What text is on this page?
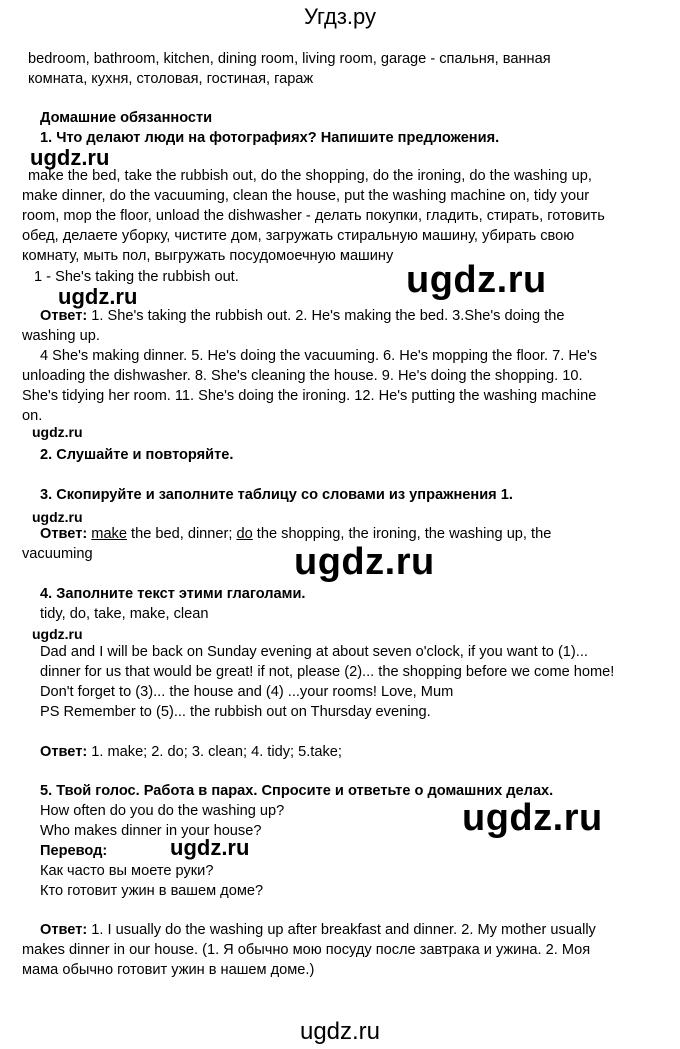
Угдз.ру
bedroom, bathroom, kitchen, dining room, living room, garage - спальня, ванная
комната, кухня, столовая, гостиная, гараж
Домашние обязанности
1. Что делают люди на фотографиях? Напишите предложения.
ugdz.ru
make the bed, take the rubbish out, do the shopping, do the ironing, do the washing up,
make dinner, do the vacuuming, clean the house, put the washing machine on, tidy your
room, mop the floor, unload the dishwasher - делать покупки, гладить, стирать, готовить
обед, делаете уборку, чистите дом, загружать стиральную машину, убирать свою
комнату, мыть пол, выгружать посудомоечную машину
ugdz.ru
1 - She's taking the rubbish out.
ugdz.ru
Ответ: 1. She's taking the rubbish out. 2. He's making the bed. 3.She's doing the
washing up.
4 She's making dinner. 5. He's doing the vacuuming. 6. He's mopping the floor. 7. He's
unloading the dishwasher. 8. She's cleaning the house. 9. He's doing the shopping. 10.
She's tidying her room. 11. She's doing the ironing. 12. He's putting the washing machine
on.
ugdz.ru
2. Слушайте и повторяйте.
3. Скопируйте и заполните таблицу со словами из упражнения 1.
ugdz.ru
Ответ: make the bed, dinner; do the shopping, the ironing, the washing up, the
vacuuming	ugdz.ru
4. Заполните текст этими глаголами.
tidy, do, take, make, clean
ugdz.ru
Dad and I will be back on Sunday evening at about seven o'clock, if you want to (1)...
dinner for us that would be great! if not, please (2)... the shopping before we come home!
Don't forget to (3)... the house and (4) ...your rooms! Love, Mum
PS Remember to (5)... the rubbish out on Thursday evening.
Ответ: 1. make; 2. do; 3. clean; 4. tidy; 5.take;
5. Твой голос. Работа в парах. Спросите и ответьте о домашних делах.
How often do you do the washing up?	ugdz.ru
Who makes dinner in your house?
Перевод:	ugdz.ru
Как часто вы моете руки?
Кто готовит ужин в вашем доме?
Ответ: 1. I usually do the washing up after breakfast and dinner. 2. My mother usually
makes dinner in our house. (1. Я обычно мою посуду после завтрака и ужина. 2. Моя
мама обычно готовит ужин в нашем доме.)
ugdz.ru
